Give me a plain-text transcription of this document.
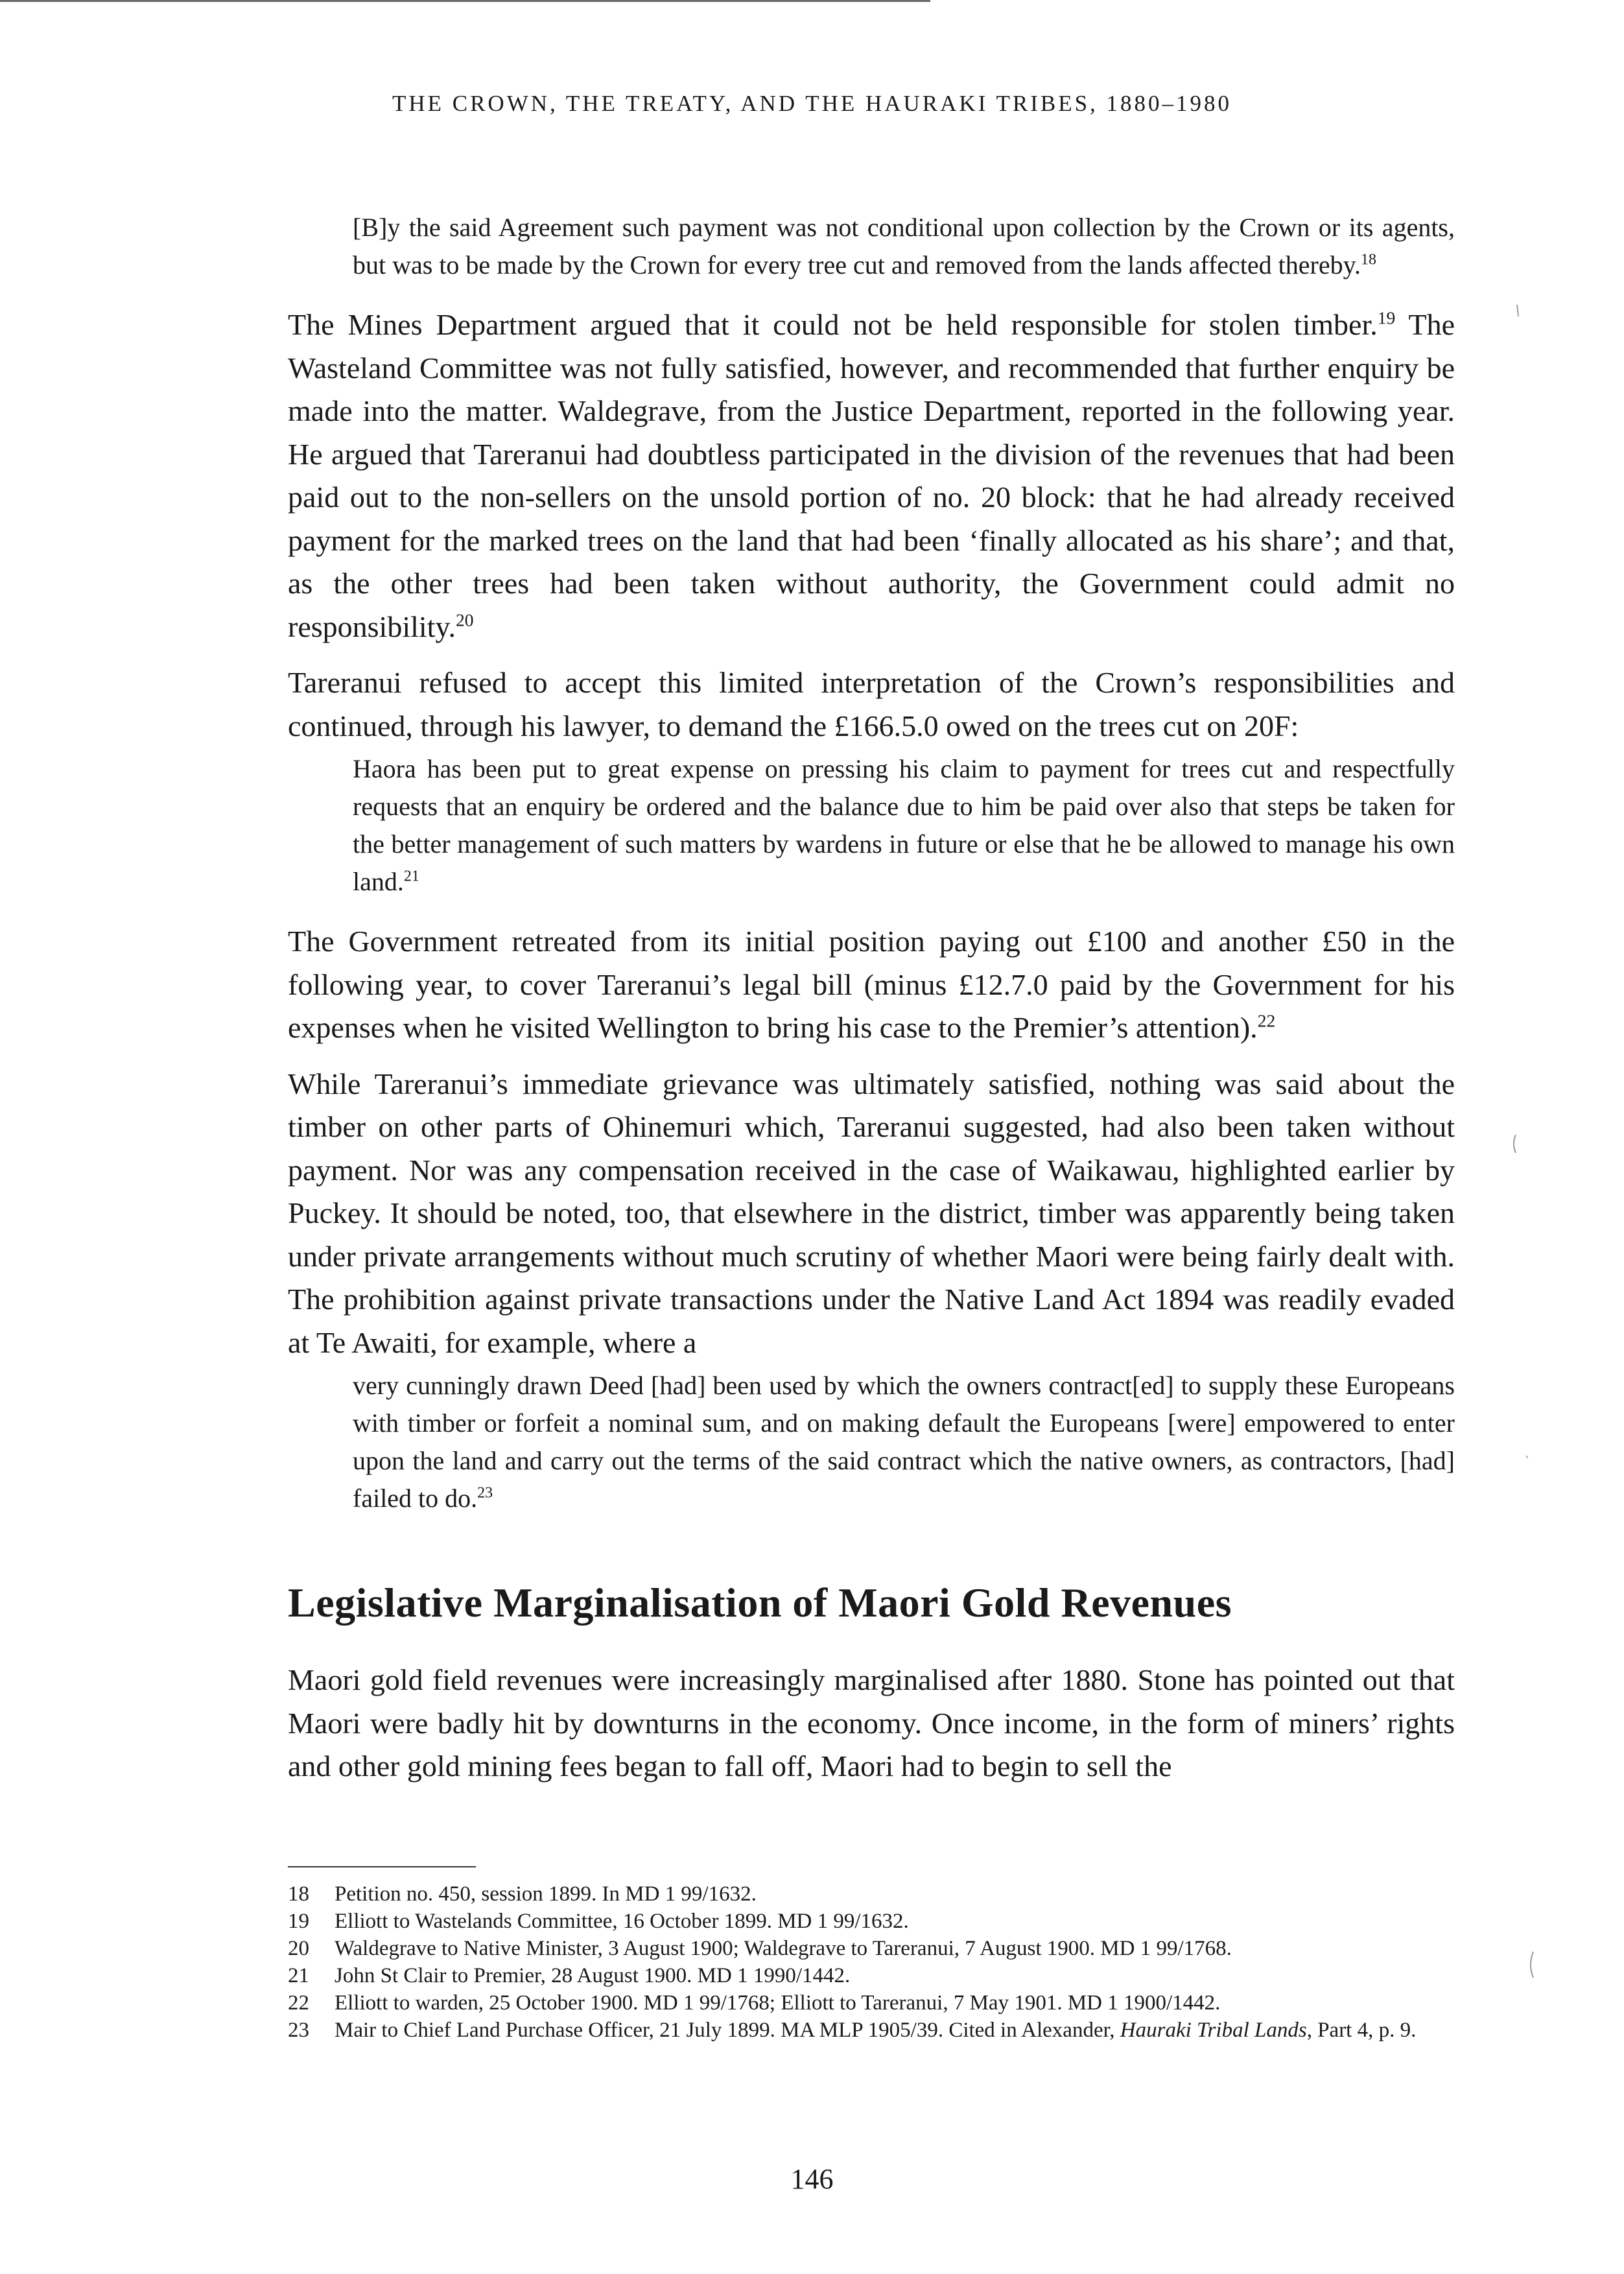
THE CROWN, THE TREATY, AND THE HAURAKI TRIBES, 1880–1980

[B]y the said Agreement such payment was not conditional upon collection by the Crown or its agents, but was to be made by the Crown for every tree cut and removed from the lands affected thereby.$^{18}$

The Mines Department argued that it could not be held responsible for stolen timber.$^{19}$ The Wasteland Committee was not fully satisfied, however, and recommended that further enquiry be made into the matter. Waldegrave, from the Justice Department, reported in the following year. He argued that Tareranui had doubtless participated in the division of the revenues that had been paid out to the non-sellers on the unsold portion of no. 20 block: that he had already received payment for the marked trees on the land that had been ‘finally allocated as his share’; and that, as the other trees had been taken without authority, the Government could admit no responsibility.$^{20}$

Tareranui refused to accept this limited interpretation of the Crown’s responsibilities and continued, through his lawyer, to demand the £166.5.0 owed on the trees cut on 20F:

Haora has been put to great expense on pressing his claim to payment for trees cut and respectfully requests that an enquiry be ordered and the balance due to him be paid over also that steps be taken for the better management of such matters by wardens in future or else that he be allowed to manage his own land.$^{21}$

The Government retreated from its initial position paying out £100 and another £50 in the following year, to cover Tareranui’s legal bill (minus £12.7.0 paid by the Government for his expenses when he visited Wellington to bring his case to the Premier’s attention).$^{22}$

While Tareranui’s immediate grievance was ultimately satisfied, nothing was said about the timber on other parts of Ohinemuri which, Tareranui suggested, had also been taken without payment. Nor was any compensation received in the case of Waikawau, highlighted earlier by Puckey. It should be noted, too, that elsewhere in the district, timber was apparently being taken under private arrangements without much scrutiny of whether Maori were being fairly dealt with. The prohibition against private transactions under the Native Land Act 1894 was readily evaded at Te Awaiti, for example, where a

very cunningly drawn Deed [had] been used by which the owners contract[ed] to supply these Europeans with timber or forfeit a nominal sum, and on making default the Europeans [were] empowered to enter upon the land and carry out the terms of the said contract which the native owners, as contractors, [had] failed to do.$^{23}$

Legislative Marginalisation of Maori Gold Revenues

Maori gold field revenues were increasingly marginalised after 1880. Stone has pointed out that Maori were badly hit by downturns in the economy. Once income, in the form of miners’ rights and other gold mining fees began to fall off, Maori had to begin to sell the

18	Petition no. 450, session 1899. In MD 1 99/1632.
19	Elliott to Wastelands Committee, 16 October 1899. MD 1 99/1632.
20	Waldegrave to Native Minister, 3 August 1900; Waldegrave to Tareranui, 7 August 1900. MD 1 99/1768.
21	John St Clair to Premier, 28 August 1900. MD 1 1990/1442.
22	Elliott to warden, 25 October 1900. MD 1 99/1768; Elliott to Tareranui, 7 May 1901. MD 1 1900/1442.
23	Mair to Chief Land Purchase Officer, 21 July 1899. MA MLP 1905/39. Cited in Alexander, Hauraki Tribal Lands, Part 4, p. 9.
146
